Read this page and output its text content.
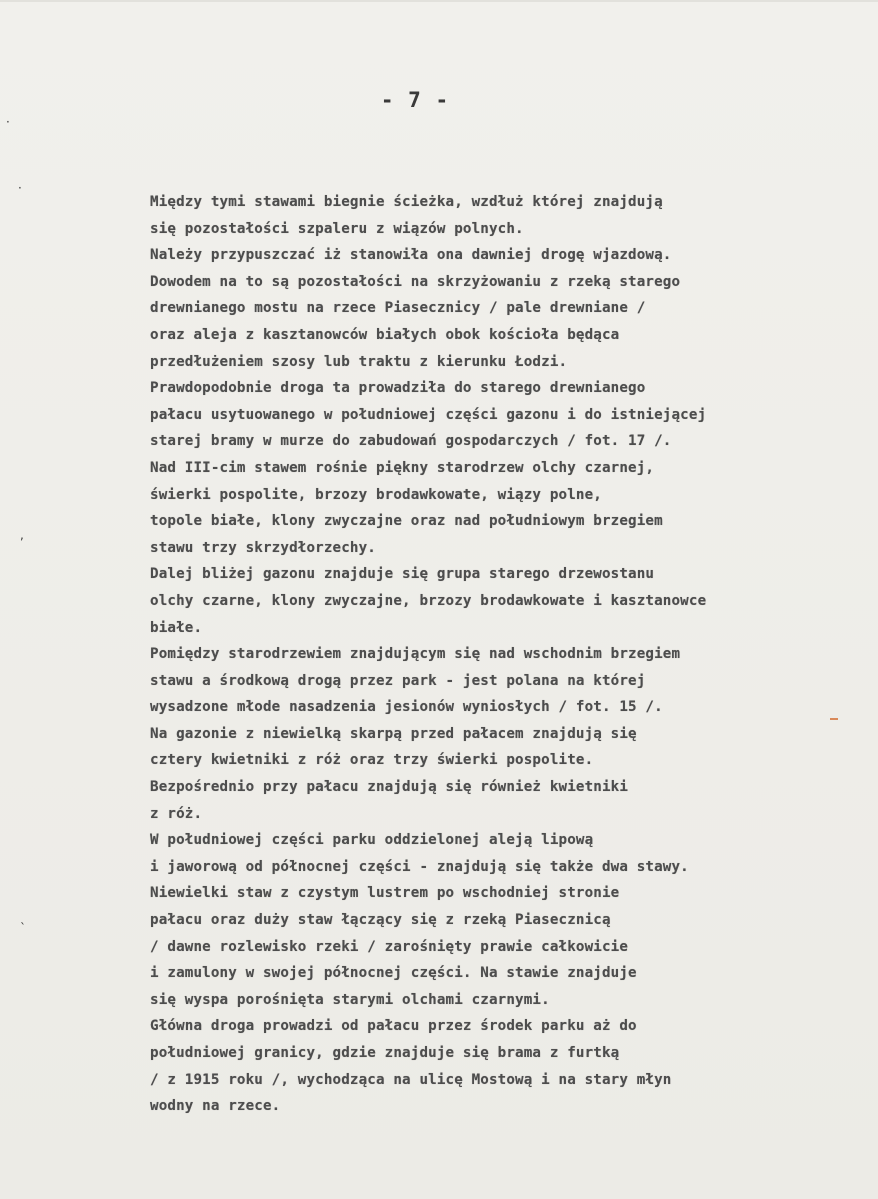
·
·
,
ˋ
- 7 -
Między tymi stawami biegnie ścieżka, wzdłuż której znajdują
się pozostałości szpaleru z wiązów polnych.
Należy przypuszczać iż stanowiła ona dawniej drogę wjazdową.
Dowodem na to są pozostałości na skrzyżowaniu z rzeką starego
drewnianego mostu na rzece Piasecznicy / pale drewniane /
oraz aleja z kasztanowców białych obok kościoła będąca
przedłużeniem szosy lub traktu z kierunku Łodzi.
Prawdopodobnie droga ta prowadziła do starego drewnianego
pałacu usytuowanego w południowej części gazonu i do istniejącej
starej bramy w murze do zabudowań gospodarczych / fot. 17 /.
Nad III-cim stawem rośnie piękny starodrzew olchy czarnej,
świerki pospolite, brzozy brodawkowate, wiązy polne,
topole białe, klony zwyczajne oraz nad południowym brzegiem
stawu trzy skrzydłorzechy.
Dalej bliżej gazonu znajduje się grupa starego drzewostanu
olchy czarne, klony zwyczajne, brzozy brodawkowate i kasztanowce
białe.
Pomiędzy starodrzewiem znajdującym się nad wschodnim brzegiem
stawu a środkową drogą przez park - jest polana na której
wysadzone młode nasadzenia jesionów wyniosłych / fot. 15 /.
Na gazonie z niewielką skarpą przed pałacem znajdują się
cztery kwietniki z róż oraz trzy świerki pospolite.
Bezpośrednio przy pałacu znajdują się również kwietniki
z róż.
W południowej części parku oddzielonej aleją lipową
i jaworową od północnej części - znajdują się także dwa stawy.
Niewielki staw z czystym lustrem po wschodniej stronie
pałacu oraz duży staw łączący się z rzeką Piasecznicą
/ dawne rozlewisko rzeki / zarośnięty prawie całkowicie
i zamulony w swojej północnej części. Na stawie znajduje
się wyspa porośnięta starymi olchami czarnymi.
Główna droga prowadzi od pałacu przez środek parku aż do
południowej granicy, gdzie znajduje się brama z furtką
/ z 1915 roku /, wychodząca na ulicę Mostową i na stary młyn
wodny na rzece.
